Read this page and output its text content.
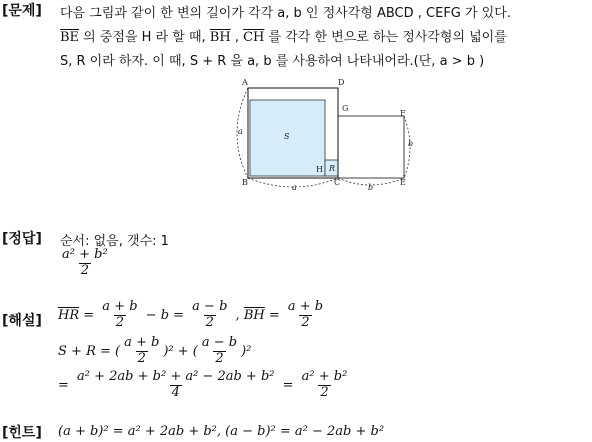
[문제] 다음 그림과 같이 한 변의 길이가 각각 a, b 인 정사각형 ABCD , CEFG 가 있다.
$\overline{BE}$ 의 중점을 H 라 할 때, $\overline{BH}$ , $\overline{CH}$ 를 각각 한 변으로 하는 정사각형의 넓이를
S, R 이라 하자. 이 때, S + R 을 a, b 를 사용하여 나타내어라.(단, a > b )
A	D
G
F
B
H
C	E
S
R
a
a
b
b
[정답] 순서: 없음, 갯수: 1
$\frac{\text{a² + b²}}{2}$
[해설] $\overline{HR} = \frac{a + b}{2} - b = \frac{a - b}{2}$ , $\overline{BH} = \frac{a + b}{2}$
S + R = ( $\frac{a + b}{2} )^2$ + ( $\frac{a - b}{2} )^2$
= $\frac{\text{a² + 2ab + b² + a² − 2ab + b²}}{4} = \frac{\text{a² + b²}}{2}$
[힌트] (a + b)² = a² + 2ab + b², (a − b)² = a² − 2ab + b²
